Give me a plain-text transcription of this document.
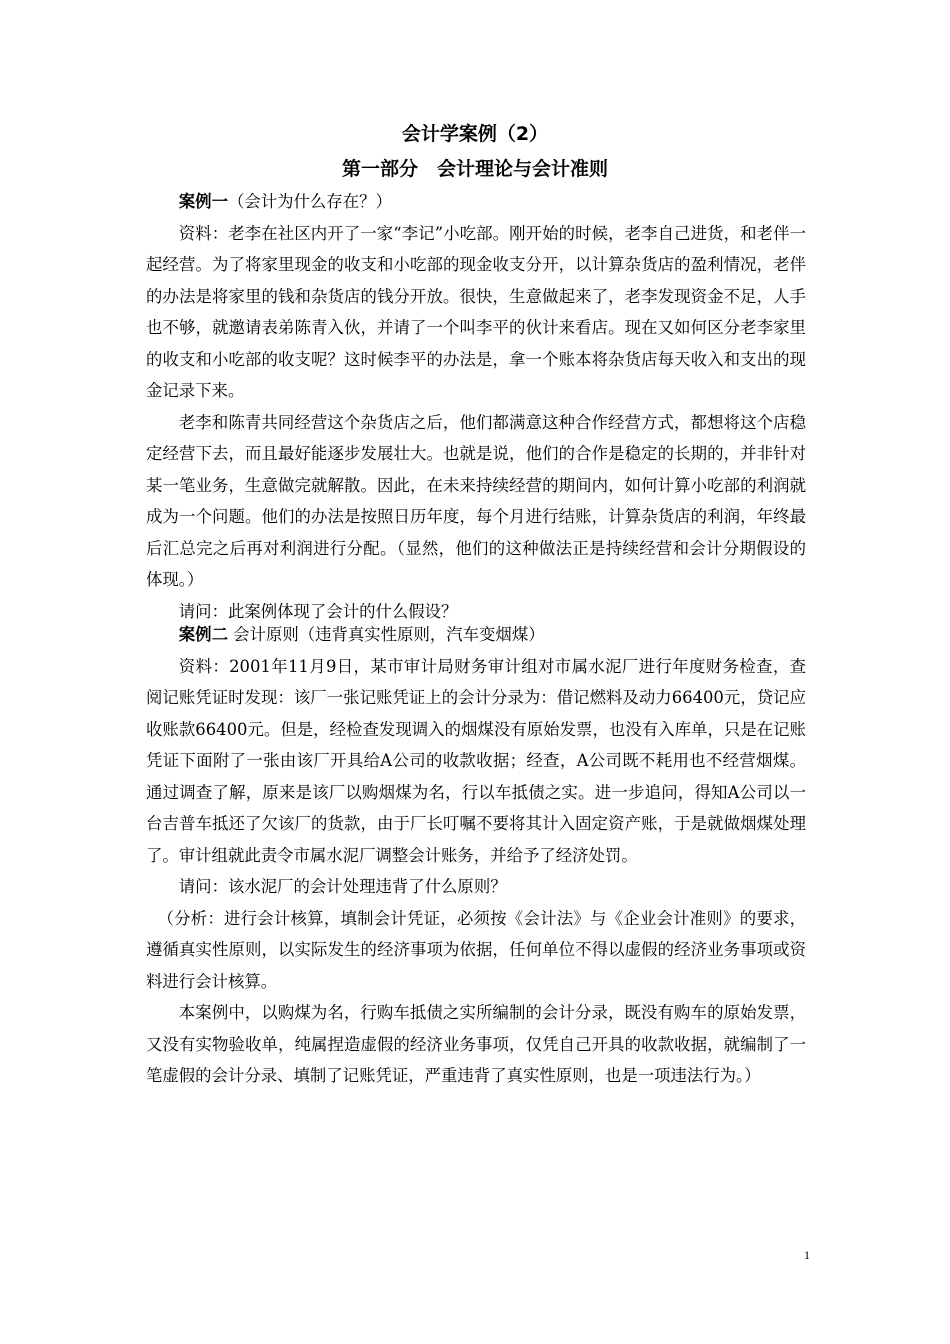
会计学案例（2）
第一部分　会计理论与会计准则

案例一（会计为什么存在？）

资料：老李在社区内开了一家“李记”小吃部。刚开始的时候，老李自己进货，和老伴一起经营。为了将家里现金的收支和小吃部的现金收支分开，以计算杂货店的盈利情况，老伴的办法是将家里的钱和杂货店的钱分开放。很快，生意做起来了，老李发现资金不足，人手也不够，就邀请表弟陈青入伙，并请了一个叫李平的伙计来看店。现在又如何区分老李家里的收支和小吃部的收支呢？这时候李平的办法是，拿一个账本将杂货店每天收入和支出的现金记录下来。

老李和陈青共同经营这个杂货店之后，他们都满意这种合作经营方式，都想将这个店稳定经营下去，而且最好能逐步发展壮大。也就是说，他们的合作是稳定的长期的，并非针对某一笔业务，生意做完就解散。因此，在未来持续经营的期间内，如何计算小吃部的利润就成为一个问题。他们的办法是按照日历年度，每个月进行结账，计算杂货店的利润，年终最后汇总完之后再对利润进行分配。（显然，他们的这种做法正是持续经营和会计分期假设的体现。）

请问：此案例体现了会计的什么假设？

案例二 会计原则（违背真实性原则，汽车变烟煤）

资料：2001年11月9日，某市审计局财务审计组对市属水泥厂进行年度财务检查，查阅记账凭证时发现：该厂一张记账凭证上的会计分录为：借记燃料及动力66400元，贷记应收账款66400元。但是，经检查发现调入的烟煤没有原始发票，也没有入库单，只是在记账凭证下面附了一张由该厂开具给A公司的收款收据；经查，A公司既不耗用也不经营烟煤。通过调查了解，原来是该厂以购烟煤为名，行以车抵债之实。进一步追问，得知A公司以一台吉普车抵还了欠该厂的货款，由于厂长叮嘱不要将其计入固定资产账，于是就做烟煤处理了。审计组就此责令市属水泥厂调整会计账务，并给予了经济处罚。

请问：该水泥厂的会计处理违背了什么原则？

（分析：进行会计核算，填制会计凭证，必须按《会计法》与《企业会计准则》的要求，遵循真实性原则，以实际发生的经济事项为依据，任何单位不得以虚假的经济业务事项或资料进行会计核算。

本案例中，以购煤为名，行购车抵债之实所编制的会计分录，既没有购车的原始发票，又没有实物验收单，纯属捏造虚假的经济业务事项，仅凭自己开具的收款收据，就编制了一笔虚假的会计分录、填制了记账凭证，严重违背了真实性原则，也是一项违法行为。）

1
